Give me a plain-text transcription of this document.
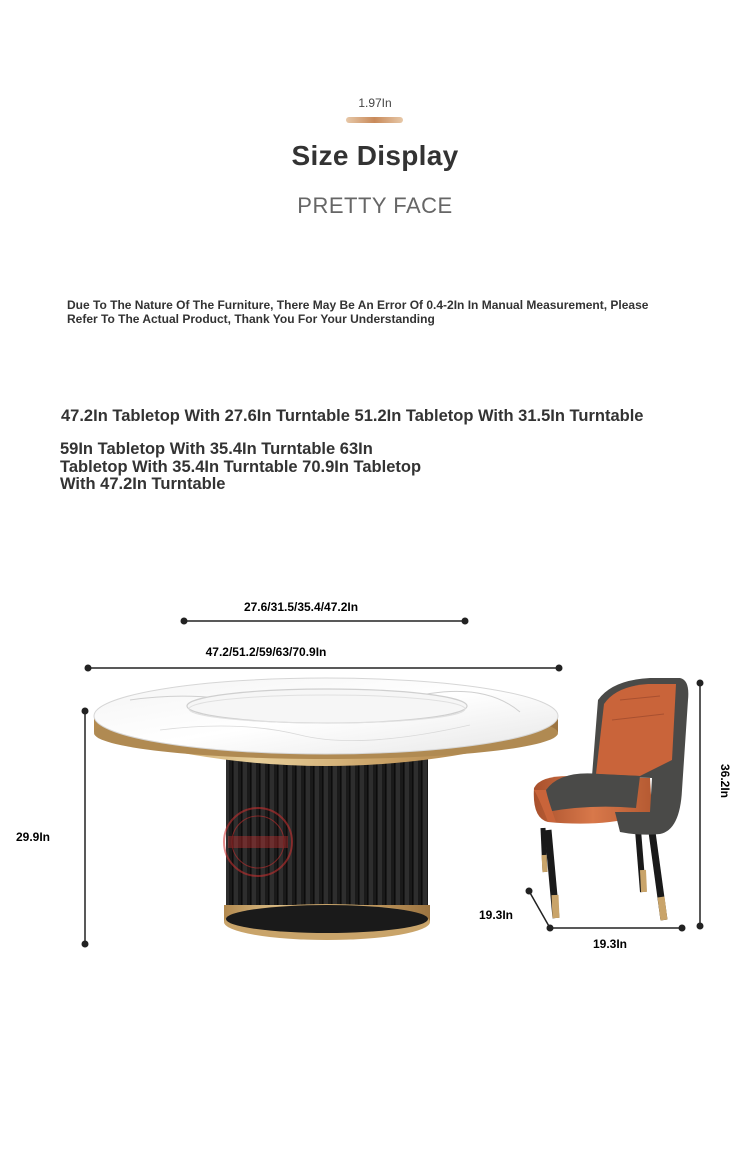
1.97In
Size Display
PRETTY FACE
Due To The Nature Of The Furniture, There May Be An Error Of 0.4-2In In Manual Measurement, Please Refer To The Actual Product, Thank You For Your Understanding
47.2In Tabletop With 27.6In Turntable 51.2In Tabletop With 31.5In Turntable
59In Tabletop With 35.4In Turntable 63In Tabletop With 35.4In Turntable 70.9In Tabletop With 47.2In Turntable
27.6/31.5/35.4/47.2In
47.2/51.2/59/63/70.9In
29.9In
36.2In
19.3In
19.3In
